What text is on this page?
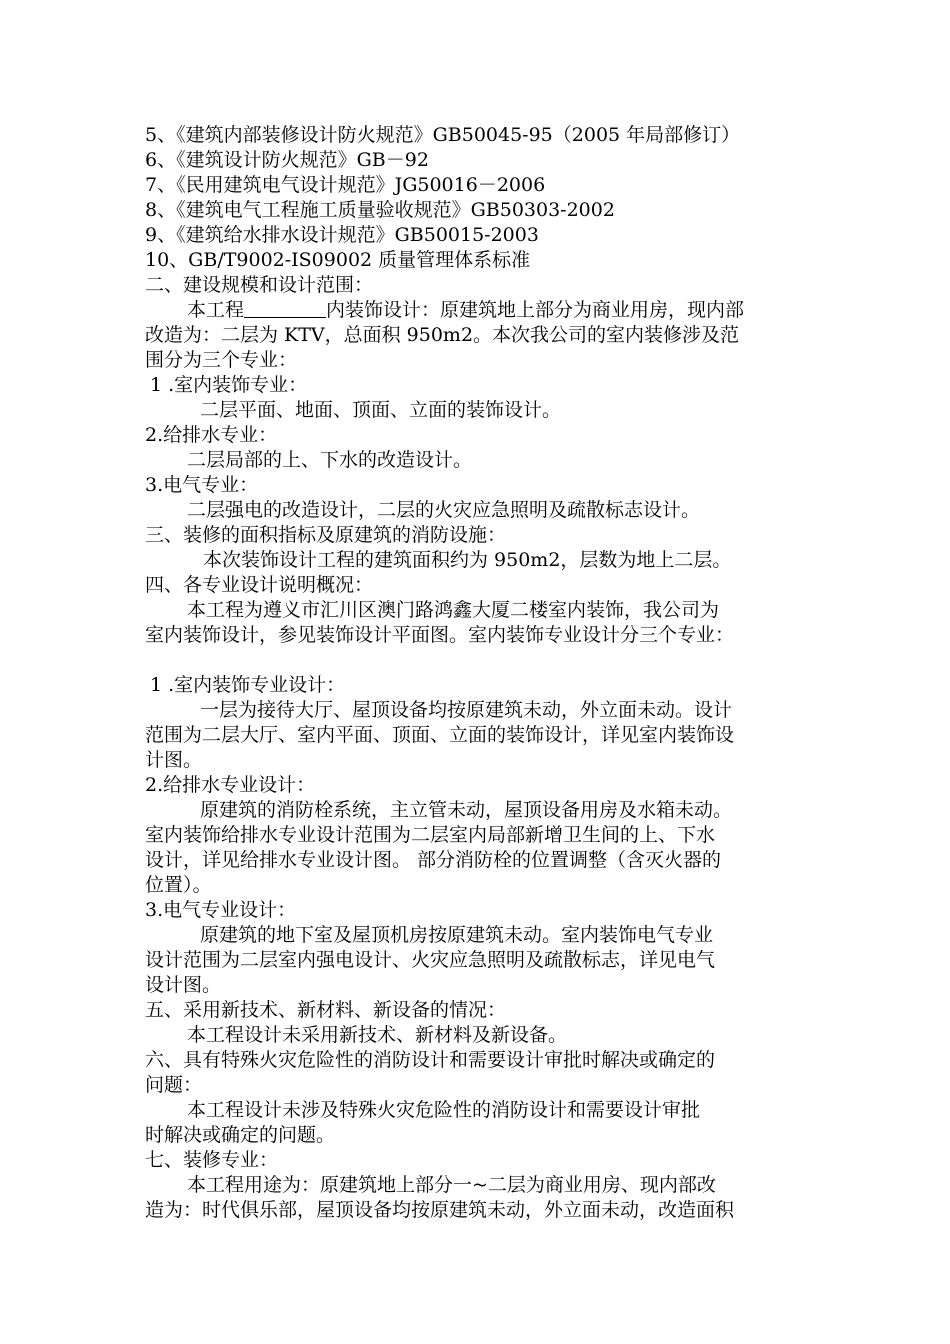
5、《建筑内部装修设计防火规范》GB50045-95（2005 年局部修订）
6、《建筑设计防火规范》GB－92
7、《民用建筑电气设计规范》JG50016－2006
8、《建筑电气工程施工质量验收规范》GB50303-2002
9、《建筑给水排水设计规范》GB50015-2003
10、GB/T9002-IS09002 质量管理体系标准
二、建设规模和设计范围：
本工程	内装饰设计：原建筑地上部分为商业用房，现内部
改造为：二层为 KTV，总面积 950m2。本次我公司的室内装修涉及范
围分为三个专业：
1 .室内装饰专业：
二层平面、地面、顶面、立面的装饰设计。
2.给排水专业：
二层局部的上、下水的改造设计。
3.电气专业：
二层强电的改造设计，二层的火灾应急照明及疏散标志设计。
三、装修的面积指标及原建筑的消防设施：
本次装饰设计工程的建筑面积约为 950m2，层数为地上二层。
四、各专业设计说明概况：
本工程为遵义市汇川区澳门路鸿鑫大厦二楼室内装饰，我公司为
室内装饰设计，参见装饰设计平面图。室内装饰专业设计分三个专业：
1 .室内装饰专业设计：
一层为接待大厅、屋顶设备均按原建筑未动，外立面未动。设计
范围为二层大厅、室内平面、顶面、立面的装饰设计，详见室内装饰设
计图。
2.给排水专业设计：
原建筑的消防栓系统，主立管未动，屋顶设备用房及水箱未动。
室内装饰给排水专业设计范围为二层室内局部新增卫生间的上、下水
设计，详见给排水专业设计图。 部分消防栓的位置调整（含灭火器的
位置）。
3.电气专业设计：
原建筑的地下室及屋顶机房按原建筑未动。室内装饰电气专业
设计范围为二层室内强电设计、火灾应急照明及疏散标志，详见电气
设计图。
五、采用新技术、新材料、新设备的情况：
本工程设计未采用新技术、新材料及新设备。
六、具有特殊火灾危险性的消防设计和需要设计审批时解决或确定的
问题：
本工程设计未涉及特殊火灾危险性的消防设计和需要设计审批
时解决或确定的问题。
七、装修专业：
本工程用途为：原建筑地上部分一~二层为商业用房、现内部改
造为：时代俱乐部，屋顶设备均按原建筑未动，外立面未动，改造面积
